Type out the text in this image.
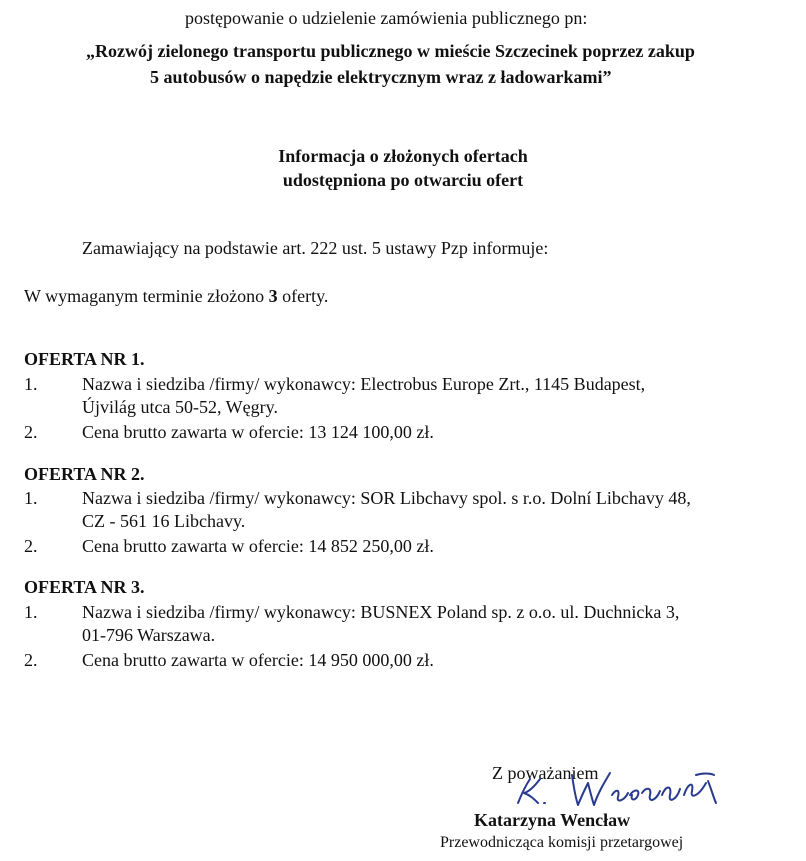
postępowanie o udzielenie zamówienia publicznego pn:
„Rozwój zielonego transportu publicznego w mieście Szczecinek poprzez zakup
5 autobusów o napędzie elektrycznym wraz z ładowarkami”
Informacja o złożonych ofertach
udostępniona po otwarciu ofert
Zamawiający na podstawie art. 222 ust. 5 ustawy Pzp informuje:
W wymaganym terminie złożono 3 oferty.
OFERTA NR 1.
1. Nazwa i siedziba /firmy/ wykonawcy: Electrobus Europe Zrt., 1145 Budapest,
Újvilág utca 50-52, Węgry.
2. Cena brutto zawarta w ofercie: 13 124 100,00 zł.
OFERTA NR 2.
1. Nazwa i siedziba /firmy/ wykonawcy: SOR Libchavy spol. s r.o. Dolní Libchavy 48,
CZ - 561 16 Libchavy.
2. Cena brutto zawarta w ofercie: 14 852 250,00 zł.
OFERTA NR 3.
1. Nazwa i siedziba /firmy/ wykonawcy: BUSNEX Poland sp. z o.o. ul. Duchnicka 3,
01-796 Warszawa.
2. Cena brutto zawarta w ofercie: 14 950 000,00 zł.
Z poważaniem
Katarzyna Wencław
Przewodnicząca komisji przetargowej
